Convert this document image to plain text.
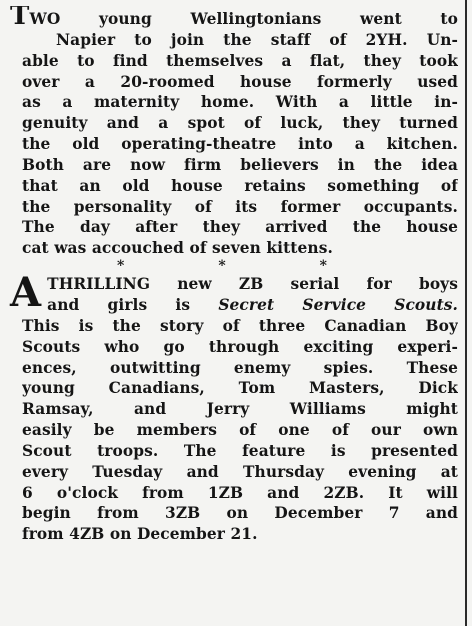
TWO young Wellingtonians went to
Napier to join the staff of 2YH. Un-
able to find themselves a flat, they took
over a 20-roomed house formerly used
as a maternity home. With a little in-
genuity and a spot of luck, they turned
the old operating-theatre into a kitchen.
Both are now firm believers in the idea
that an old house retains something of
the personality of its former occupants.
The day after they arrived the house
cat was accouched of seven kittens.
*	*	*
A THRILLING new ZB serial for boys
and girls is Secret Service Scouts.
This is the story of three Canadian Boy
Scouts who go through exciting experi-
ences, outwitting enemy spies. These
young Canadians, Tom Masters, Dick
Ramsay, and Jerry Williams might
easily be members of one of our own
Scout troops. The feature is presented
every Tuesday and Thursday evening at
6 o'clock from 1ZB and 2ZB. It will
begin from 3ZB on December 7 and
from 4ZB on December 21.
